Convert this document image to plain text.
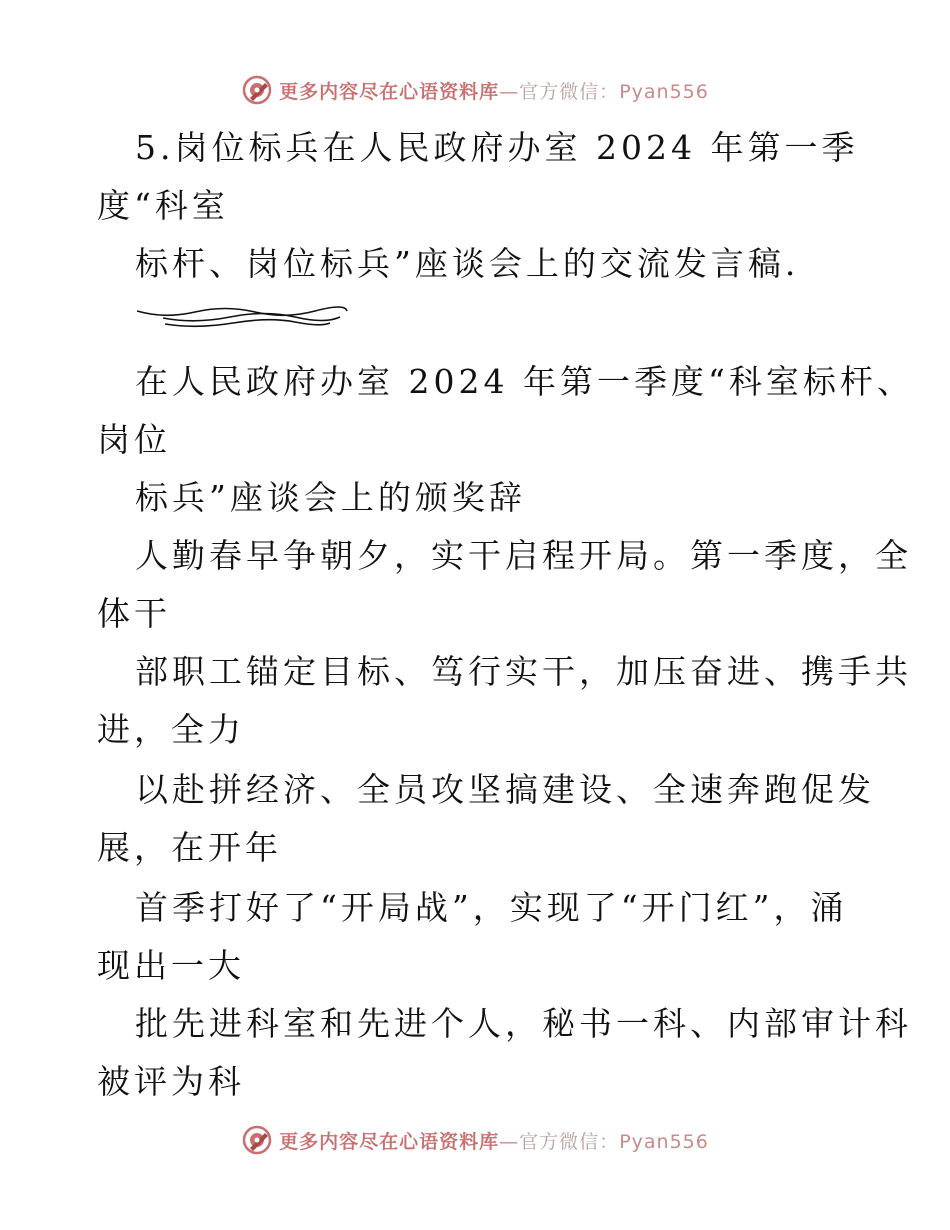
更多内容尽在心语资料库—官方微信：Pyan556
5.岗位标兵在人民政府办室 2024 年第一季
度“科室
标杆、岗位标兵”座谈会上的交流发言稿.
在人民政府办室 2024 年第一季度“科室标杆、
岗位
标兵”座谈会上的颁奖辞
人勤春早争朝夕，实干启程开局。第一季度，全
体干
部职工锚定目标、笃行实干，加压奋进、携手共
进，全力
以赴拼经济、全员攻坚搞建设、全速奔跑促发
展，在开年
首季打好了“开局战”，实现了“开门红”，涌
现出一大
批先进科室和先进个人，秘书一科、内部审计科
被评为科
更多内容尽在心语资料库—官方微信：Pyan556
